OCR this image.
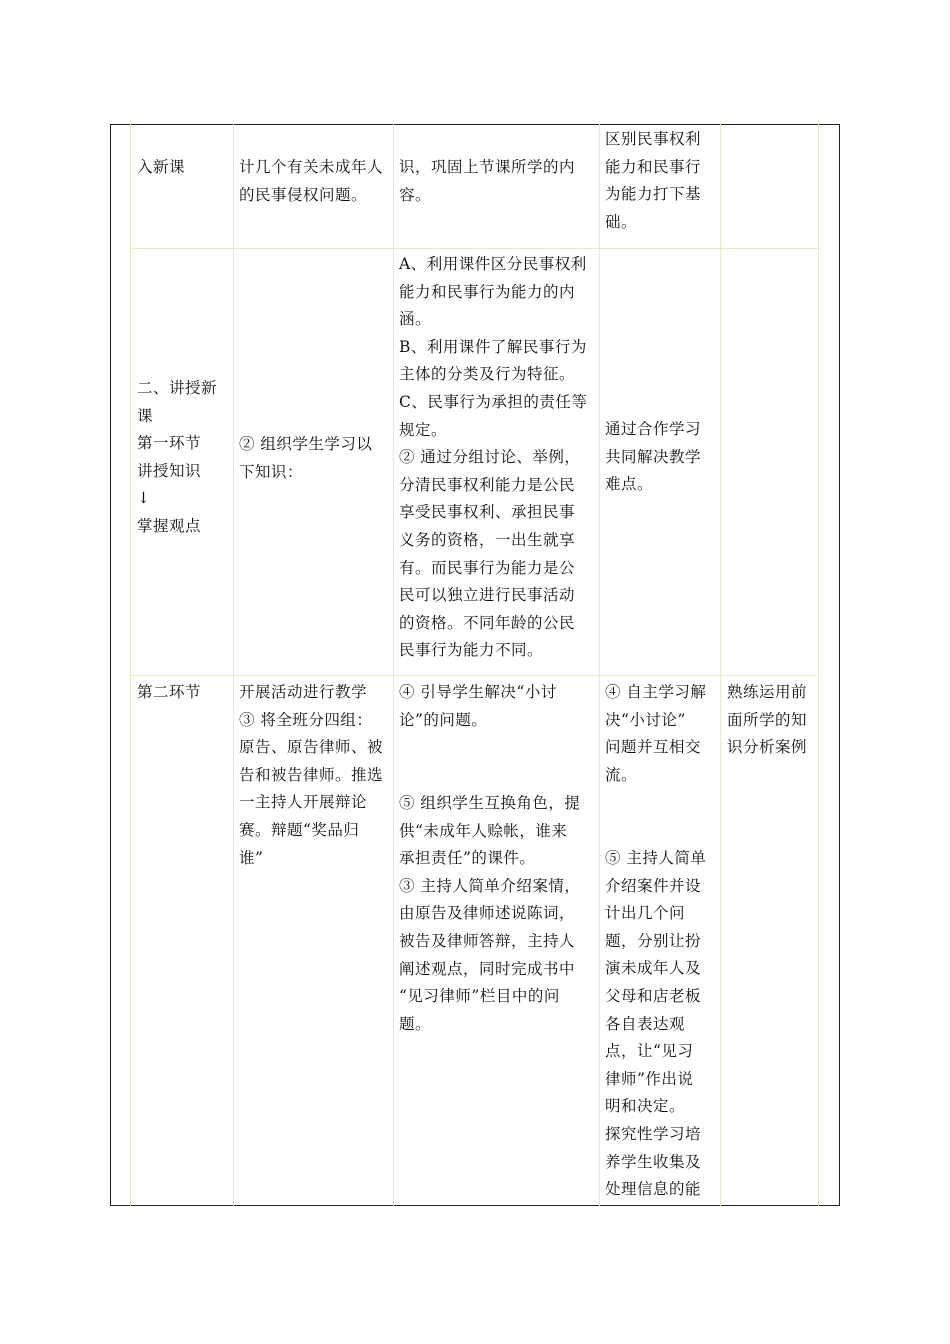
入新课	计几个有关未成年人
的民事侵权问题。
识，巩固上节课所学的内
容。
区别民事权利
能力和民事行
为能力打下基
础。
二、讲授新
课
第一环节
讲授知识
↓
掌握观点
② 组织学生学习以
下知识：
A、利用课件区分民事权利
能力和民事行为能力的内
涵。
B、利用课件了解民事行为
主体的分类及行为特征。
C、民事行为承担的责任等
规定。
② 通过分组讨论、举例，
分清民事权利能力是公民
享受民事权利、承担民事
义务的资格，一出生就享
有。而民事行为能力是公
民可以独立进行民事活动
的资格。不同年龄的公民
民事行为能力不同。
通过合作学习
共同解决教学
难点。
第二环节	开展活动进行教学
③ 将全班分四组：
原告、原告律师、被
告和被告律师。推选
一主持人开展辩论
赛。辩题“奖品归
谁”
④ 引导学生解决“小讨
论”的问题。
⑤ 组织学生互换角色，提
供“未成年人赊帐，谁来
承担责任”的课件。
③ 主持人简单介绍案情，
由原告及律师述说陈词，
被告及律师答辩，主持人
阐述观点，同时完成书中
“见习律师”栏目中的问
题。
④ 自主学习解
决“小讨论”
问题并互相交
流。
⑤ 主持人简单
介绍案件并设
计出几个问
题，分别让扮
演未成年人及
父母和店老板
各自表达观
点，让“见习
律师”作出说
明和决定。
探究性学习培
养学生收集及
处理信息的能
熟练运用前
面所学的知
识分析案例
